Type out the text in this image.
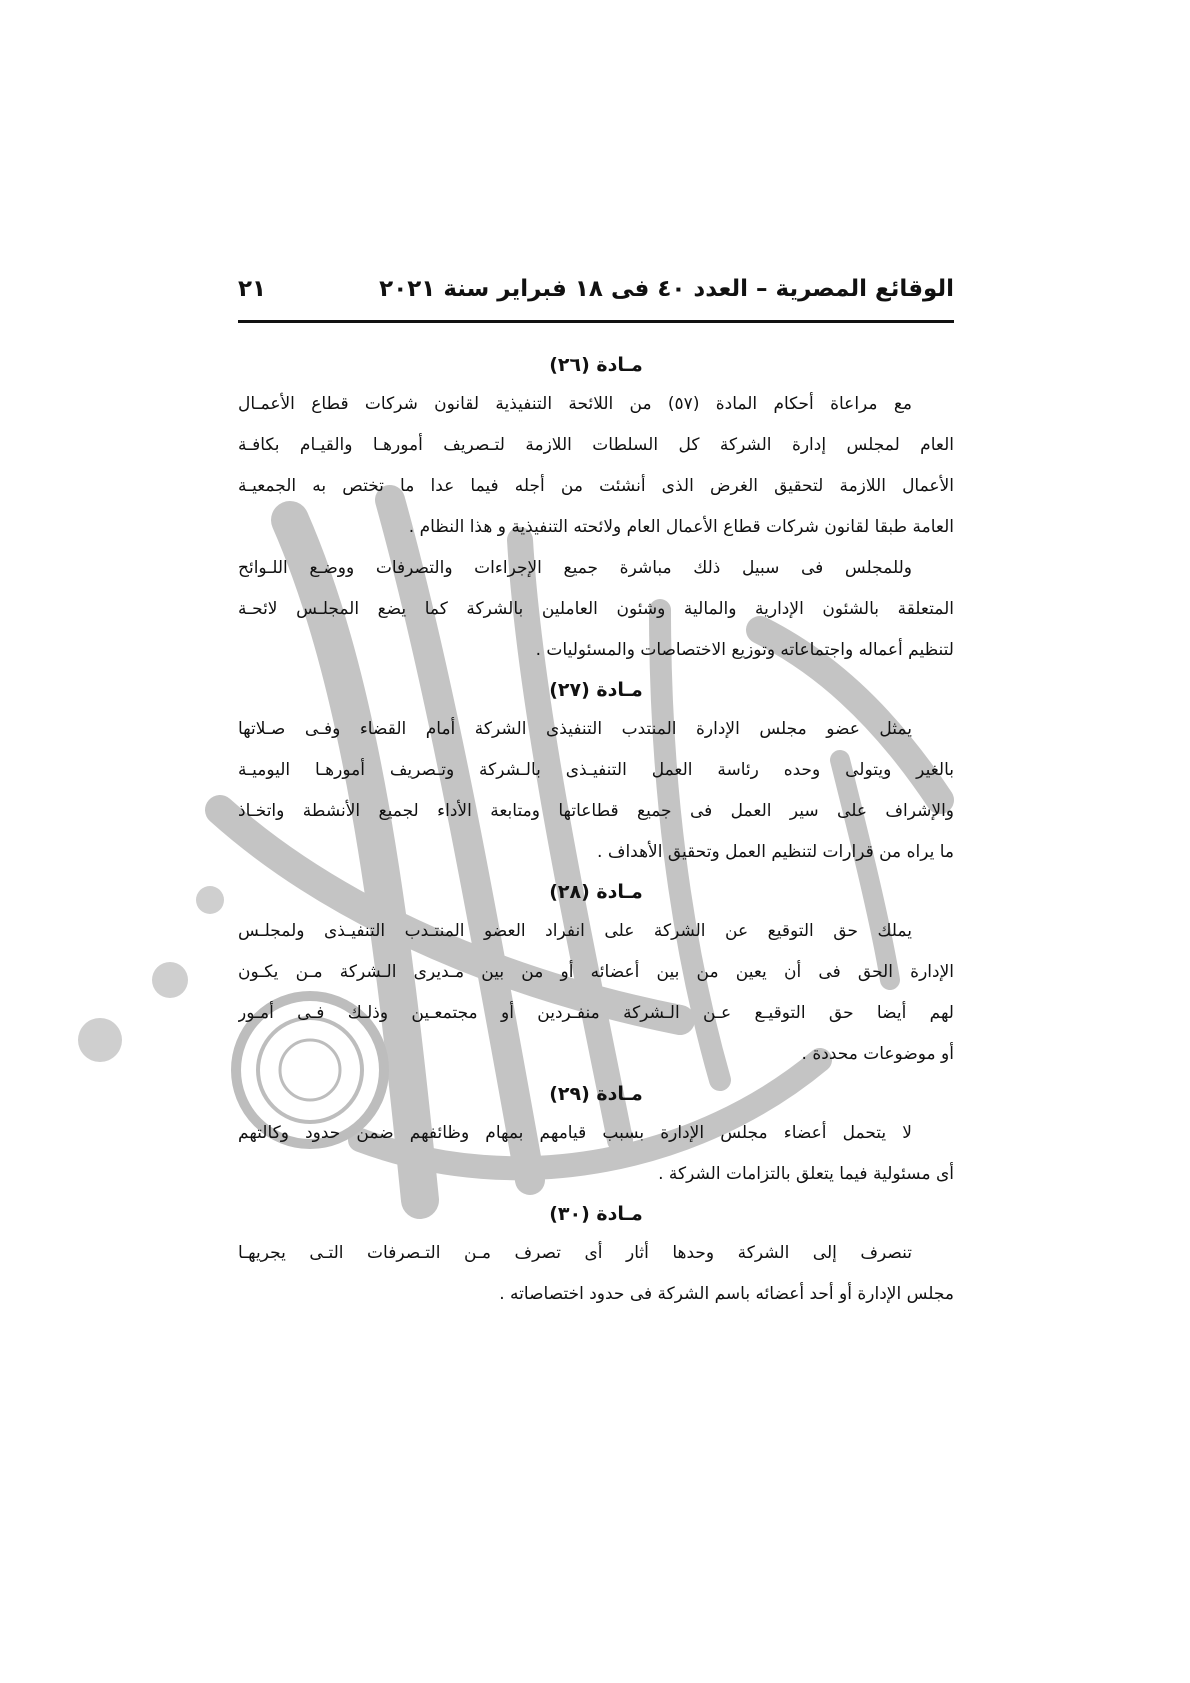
الوقائع المصرية – العدد ٤٠ فى ١٨ فبراير سنة ٢٠٢١
٢١
مـادة (٢٦)
مع مراعاة أحكام المادة (٥٧) من اللائحة التنفيذية لقانون شركات قطاع الأعمـال
العام لمجلس إدارة الشركة كل السلطات اللازمة لتـصريف أمورهـا والقيـام بكافـة
الأعمال اللازمة لتحقيق الغرض الذى أنشئت من أجله فيما عدا ما تختص به الجمعيـة
العامة طبقا لقانون شركات قطاع الأعمال العام ولائحته التنفيذية و هذا النظام .
وللمجلس فى سبيل ذلك مباشرة جميع الإجراءات والتصرفات ووضـع اللـوائح
المتعلقة بالشئون الإدارية والمالية وشئون العاملين بالشركة كما يضع المجلـس لائحـة
لتنظيم أعماله واجتماعاته وتوزيع الاختصاصات والمسئوليات .
مـادة (٢٧)
يمثل عضو مجلس الإدارة المنتدب التنفيذى الشركة أمام القضاء وفـى صـلاتها
بالغير ويتولى وحده رئاسة العمل التنفيـذى بالـشركة وتـصريف أمورهـا اليوميـة
والإشراف على سير العمل فى جميع قطاعاتها ومتابعة الأداء لجميع الأنشطة واتخـاذ
ما يراه من قرارات لتنظيم العمل وتحقيق الأهداف .
مـادة (٢٨)
يملك حق التوقيع عن الشركة على انفراد العضو المنتـدب التنفيـذى ولمجلـس
الإدارة الحق فى أن يعين من بين أعضائه أو من بين مـديرى الـشركة مـن يكـون
لهم أيضا حق التوقيـع عـن الـشركة منفـردين أو مجتمعـين وذلـك فـى أمـور
أو موضوعات محددة .
مـادة (٢٩)
لا يتحمل أعضاء مجلس الإدارة بسبب قيامهم بمهام وظائفهم ضمن حدود وكالتهم
أى مسئولية فيما يتعلق بالتزامات الشركة .
مـادة (٣٠)
تنصرف إلى الشركة وحدها أثار أى تصرف مـن التـصرفات التـى يجريهـا
مجلس الإدارة أو أحد أعضائه باسم الشركة فى حدود اختصاصاته .
